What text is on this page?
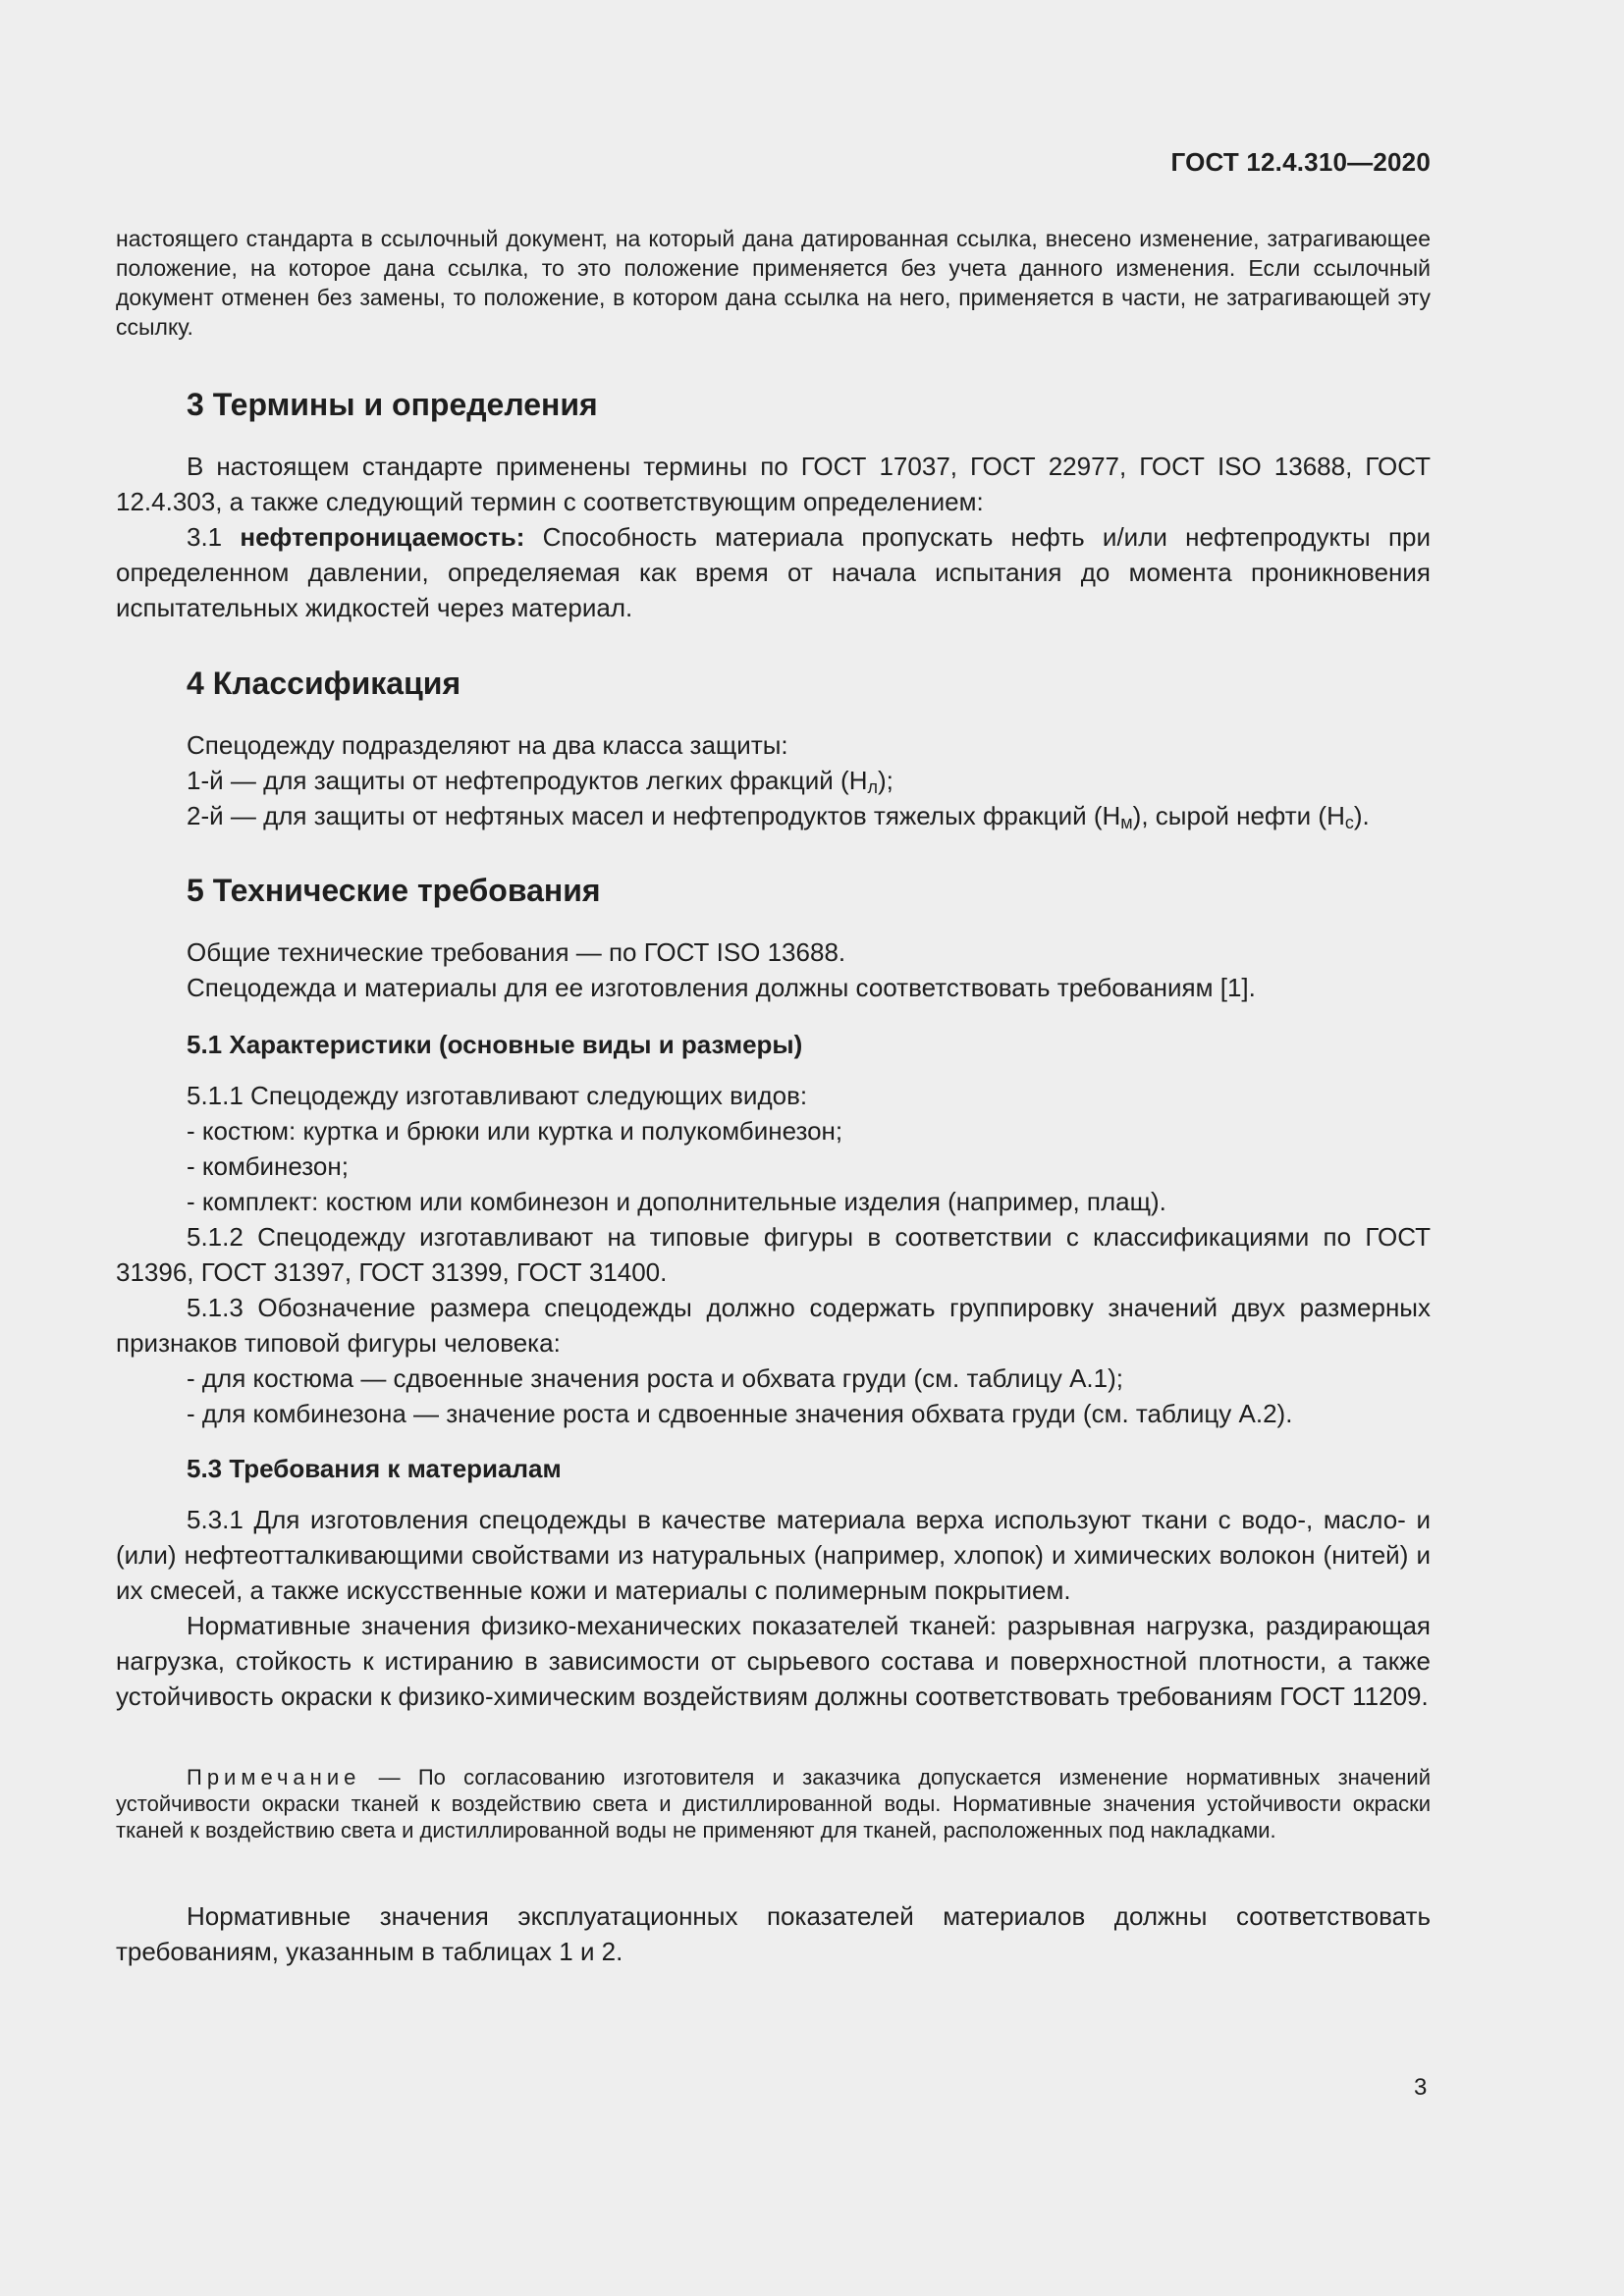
ГОСТ 12.4.310—2020

настоящего стандарта в ссылочный документ, на который дана датированная ссылка, внесено изменение, затрагивающее положение, на которое дана ссылка, то это положение применяется без учета данного изменения. Если ссылочный документ отменен без замены, то положение, в котором дана ссылка на него, применяется в части, не затрагивающей эту ссылку.

3 Термины и определения

В настоящем стандарте применены термины по ГОСТ 17037, ГОСТ 22977, ГОСТ ISO 13688, ГОСТ 12.4.303, а также следующий термин с соответствующим определением:

3.1 нефтепроницаемость: Способность материала пропускать нефть и/или нефтепродукты при определенном давлении, определяемая как время от начала испытания до момента проникновения испытательных жидкостей через материал.

4 Классификация
Спецодежду подразделяют на два класса защиты:
1-й — для защиты от нефтепродуктов легких фракций $(Н_л)$;
2-й — для защиты от нефтяных масел и нефтепродуктов тяжелых фракций $(Н_м)$, сырой нефти $(Н_с)$.
5 Технические требования
Общие технические требования — по ГОСТ ISO 13688.
Спецодежда и материалы для ее изготовления должны соответствовать требованиям [1].
5.1 Характеристики (основные виды и размеры)
5.1.1 Спецодежду изготавливают следующих видов:
- костюм: куртка и брюки или куртка и полукомбинезон;
- комбинезон;
- комплект: костюм или комбинезон и дополнительные изделия (например, плащ).

5.1.2 Спецодежду изготавливают на типовые фигуры в соответствии с классификациями по ГОСТ 31396, ГОСТ 31397, ГОСТ 31399, ГОСТ 31400.

5.1.3 Обозначение размера спецодежды должно содержать группировку значений двух размерных признаков типовой фигуры человека:

- для костюма — сдвоенные значения роста и обхвата груди (см. таблицу А.1);
- для комбинезона — значение роста и сдвоенные значения обхвата груди (см. таблицу А.2).
5.3 Требования к материалам

5.3.1 Для изготовления спецодежды в качестве материала верха используют ткани с водо-, масло- и (или) нефтеотталкивающими свойствами из натуральных (например, хлопок) и химических волокон (нитей) и их смесей, а также искусственные кожи и материалы с полимерным покрытием.

Нормативные значения физико-механических показателей тканей: разрывная нагрузка, раздирающая нагрузка, стойкость к истиранию в зависимости от сырьевого состава и поверхностной плотности, а также устойчивость окраски к физико-химическим воздействиям должны соответствовать требованиям ГОСТ 11209.

Примечание — По согласованию изготовителя и заказчика допускается изменение нормативных значений устойчивости окраски тканей к воздействию света и дистиллированной воды. Нормативные значения устойчивости окраски тканей к воздействию света и дистиллированной воды не применяют для тканей, расположенных под накладками.

Нормативные значения эксплуатационных показателей материалов должны соответствовать требованиям, указанным в таблицах 1 и 2.

3
